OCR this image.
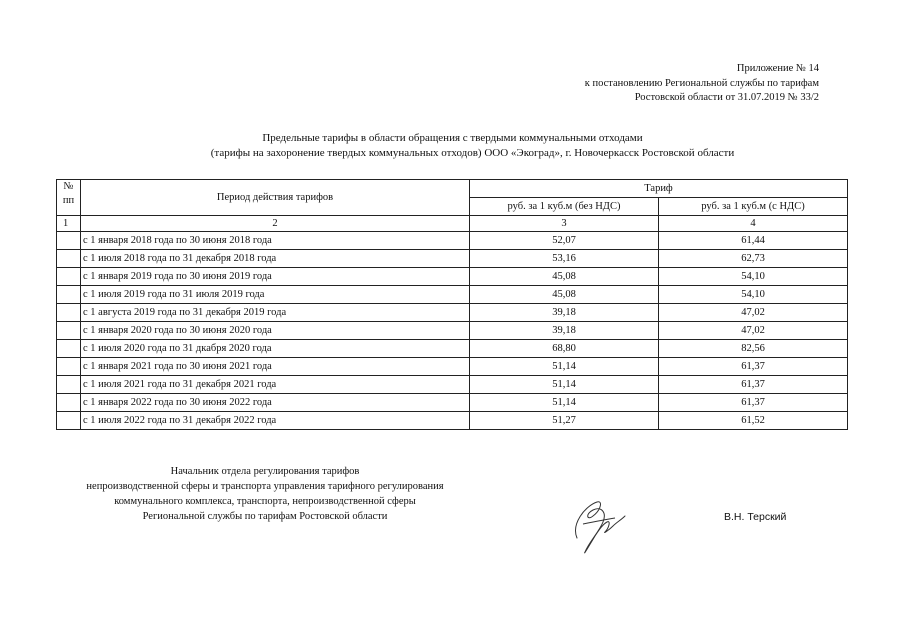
Приложение № 14
к постановлению Региональной службы по тарифам
Ростовской области от 31.07.2019 № 33/2
Предельные тарифы в области обращения с твердыми коммунальными отходами
(тарифы на захоронение твердых коммунальных отходов) ООО «Экоград», г. Новочеркасск Ростовской области
№
пп	Период действия тарифов	Тариф	
		руб. за 1 куб.м (без НДС)	руб. за 1 куб.м (с НДС)
1	2	3	4
	с 1 января 2018 года по 30 июня 2018 года	52,07	61,44
	с 1 июля 2018 года по 31 декабря 2018 года	53,16	62,73
	с 1 января 2019 года по 30 июня 2019 года	45,08	54,10
	с 1 июля 2019 года по 31 июля 2019 года	45,08	54,10
	с 1 августа 2019 года по 31 декабря 2019 года	39,18	47,02
	с 1 января 2020 года по 30 июня 2020 года	39,18	47,02
	с 1 июля 2020 года по 31 дкабря 2020 года	68,80	82,56
	с 1 января 2021 года по 30 июня 2021 года	51,14	61,37
	с 1 июля 2021 года по 31 декабря 2021 года	51,14	61,37
	с 1 января 2022 года по 30 июня 2022 года	51,14	61,37
	с 1 июля 2022 года по 31 декабря 2022 года	51,27	61,52
Начальник отдела регулирования тарифов
непроизводственной сферы и транспорта управления тарифного регулирования
коммунального комплекса, транспорта, непроизводственной сферы
Региональной службы по тарифам Ростовской области	В.Н. Терский
